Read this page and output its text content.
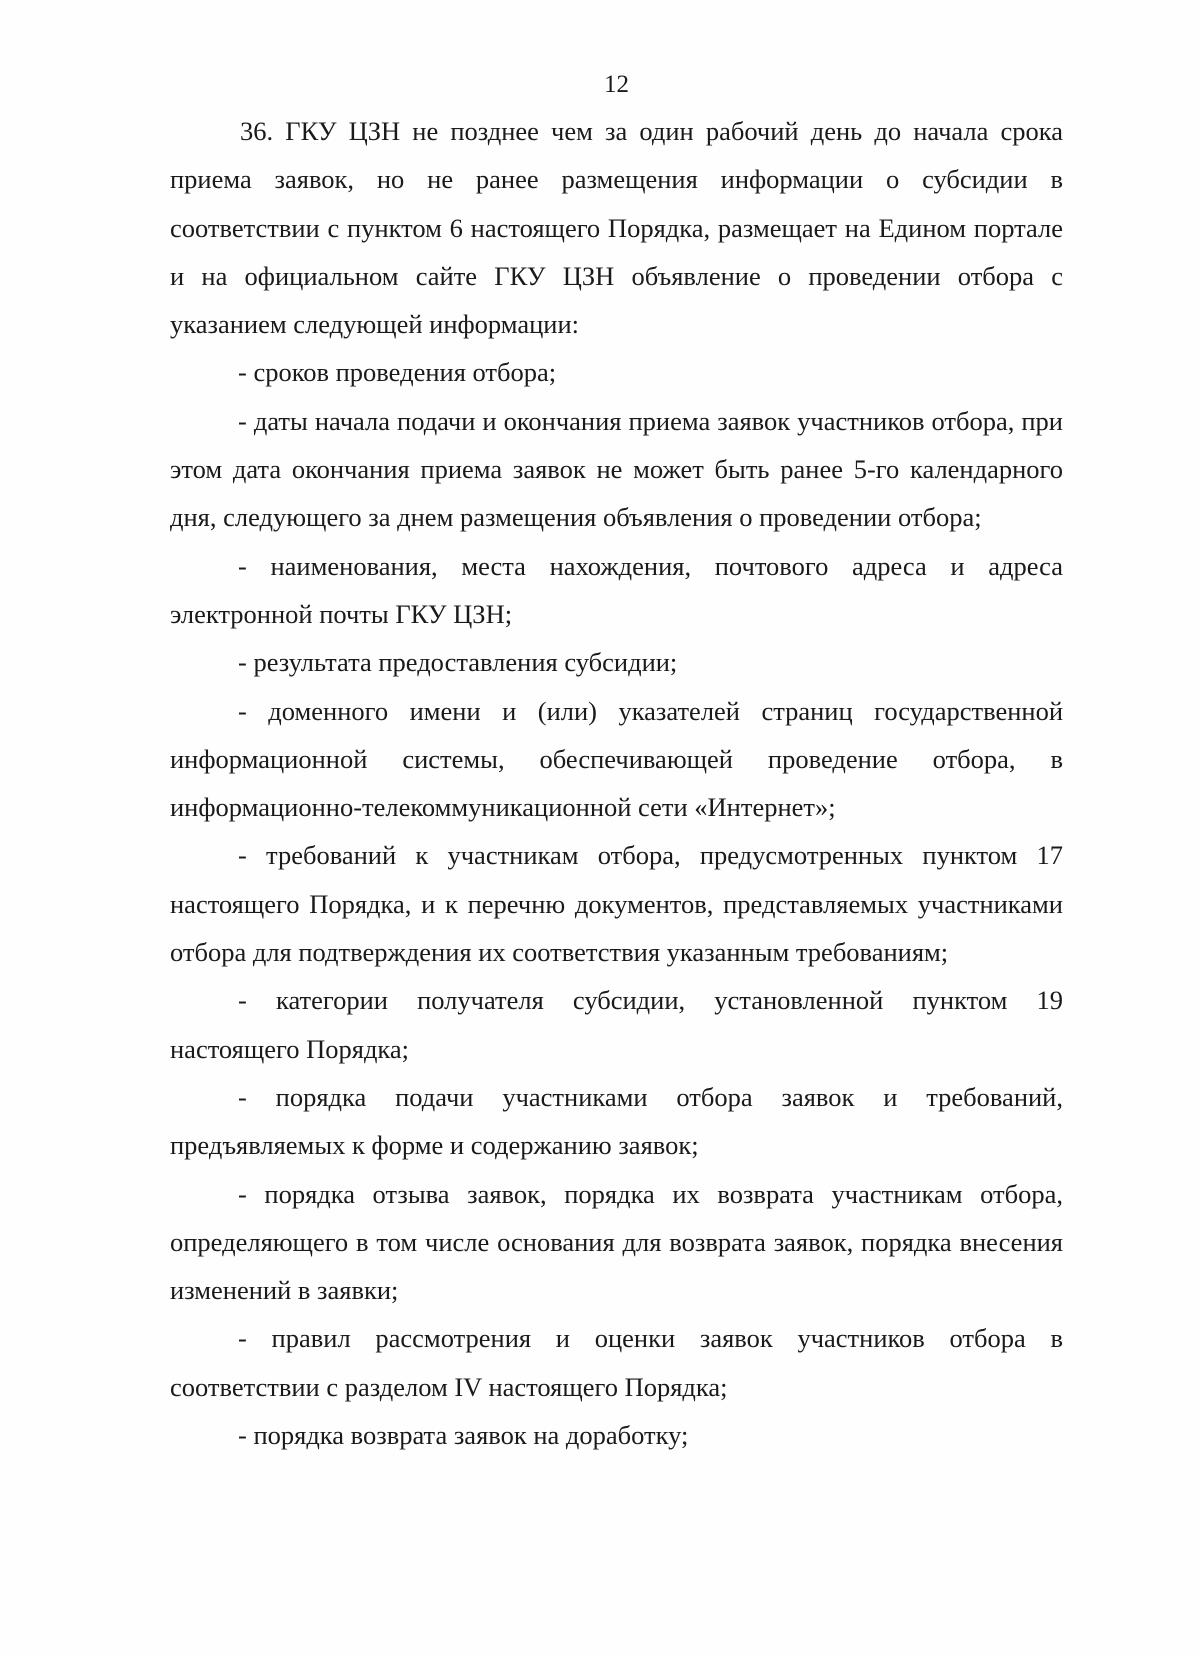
12

36. ГКУ ЦЗН не позднее чем за один рабочий день до начала срока приема заявок, но не ранее размещения информации о субсидии в соответствии с пунктом 6 настоящего Порядка, размещает на Едином портале и на официальном сайте ГКУ ЦЗН объявление о проведении отбора с указанием следующей информации:

- сроков проведения отбора;

- даты начала подачи и окончания приема заявок участников отбора, при этом дата окончания приема заявок не может быть ранее 5-го календарного дня, следующего за днем размещения объявления о проведении отбора;

- наименования, места нахождения, почтового адреса и адреса электронной почты ГКУ ЦЗН;

- результата предоставления субсидии;

- доменного имени и (или) указателей страниц государственной информационной системы, обеспечивающей проведение отбора, в информационно-телекоммуникационной сети «Интернет»;

- требований к участникам отбора, предусмотренных пунктом 17 настоящего Порядка, и к перечню документов, представляемых участниками отбора для подтверждения их соответствия указанным требованиям;

- категории получателя субсидии, установленной пунктом 19 настоящего Порядка;

- порядка подачи участниками отбора заявок и требований, предъявляемых к форме и содержанию заявок;

- порядка отзыва заявок, порядка их возврата участникам отбора, определяющего в том числе основания для возврата заявок, порядка внесения изменений в заявки;

- правил рассмотрения и оценки заявок участников отбора в соответствии с разделом IV настоящего Порядка;

- порядка возврата заявок на доработку;
